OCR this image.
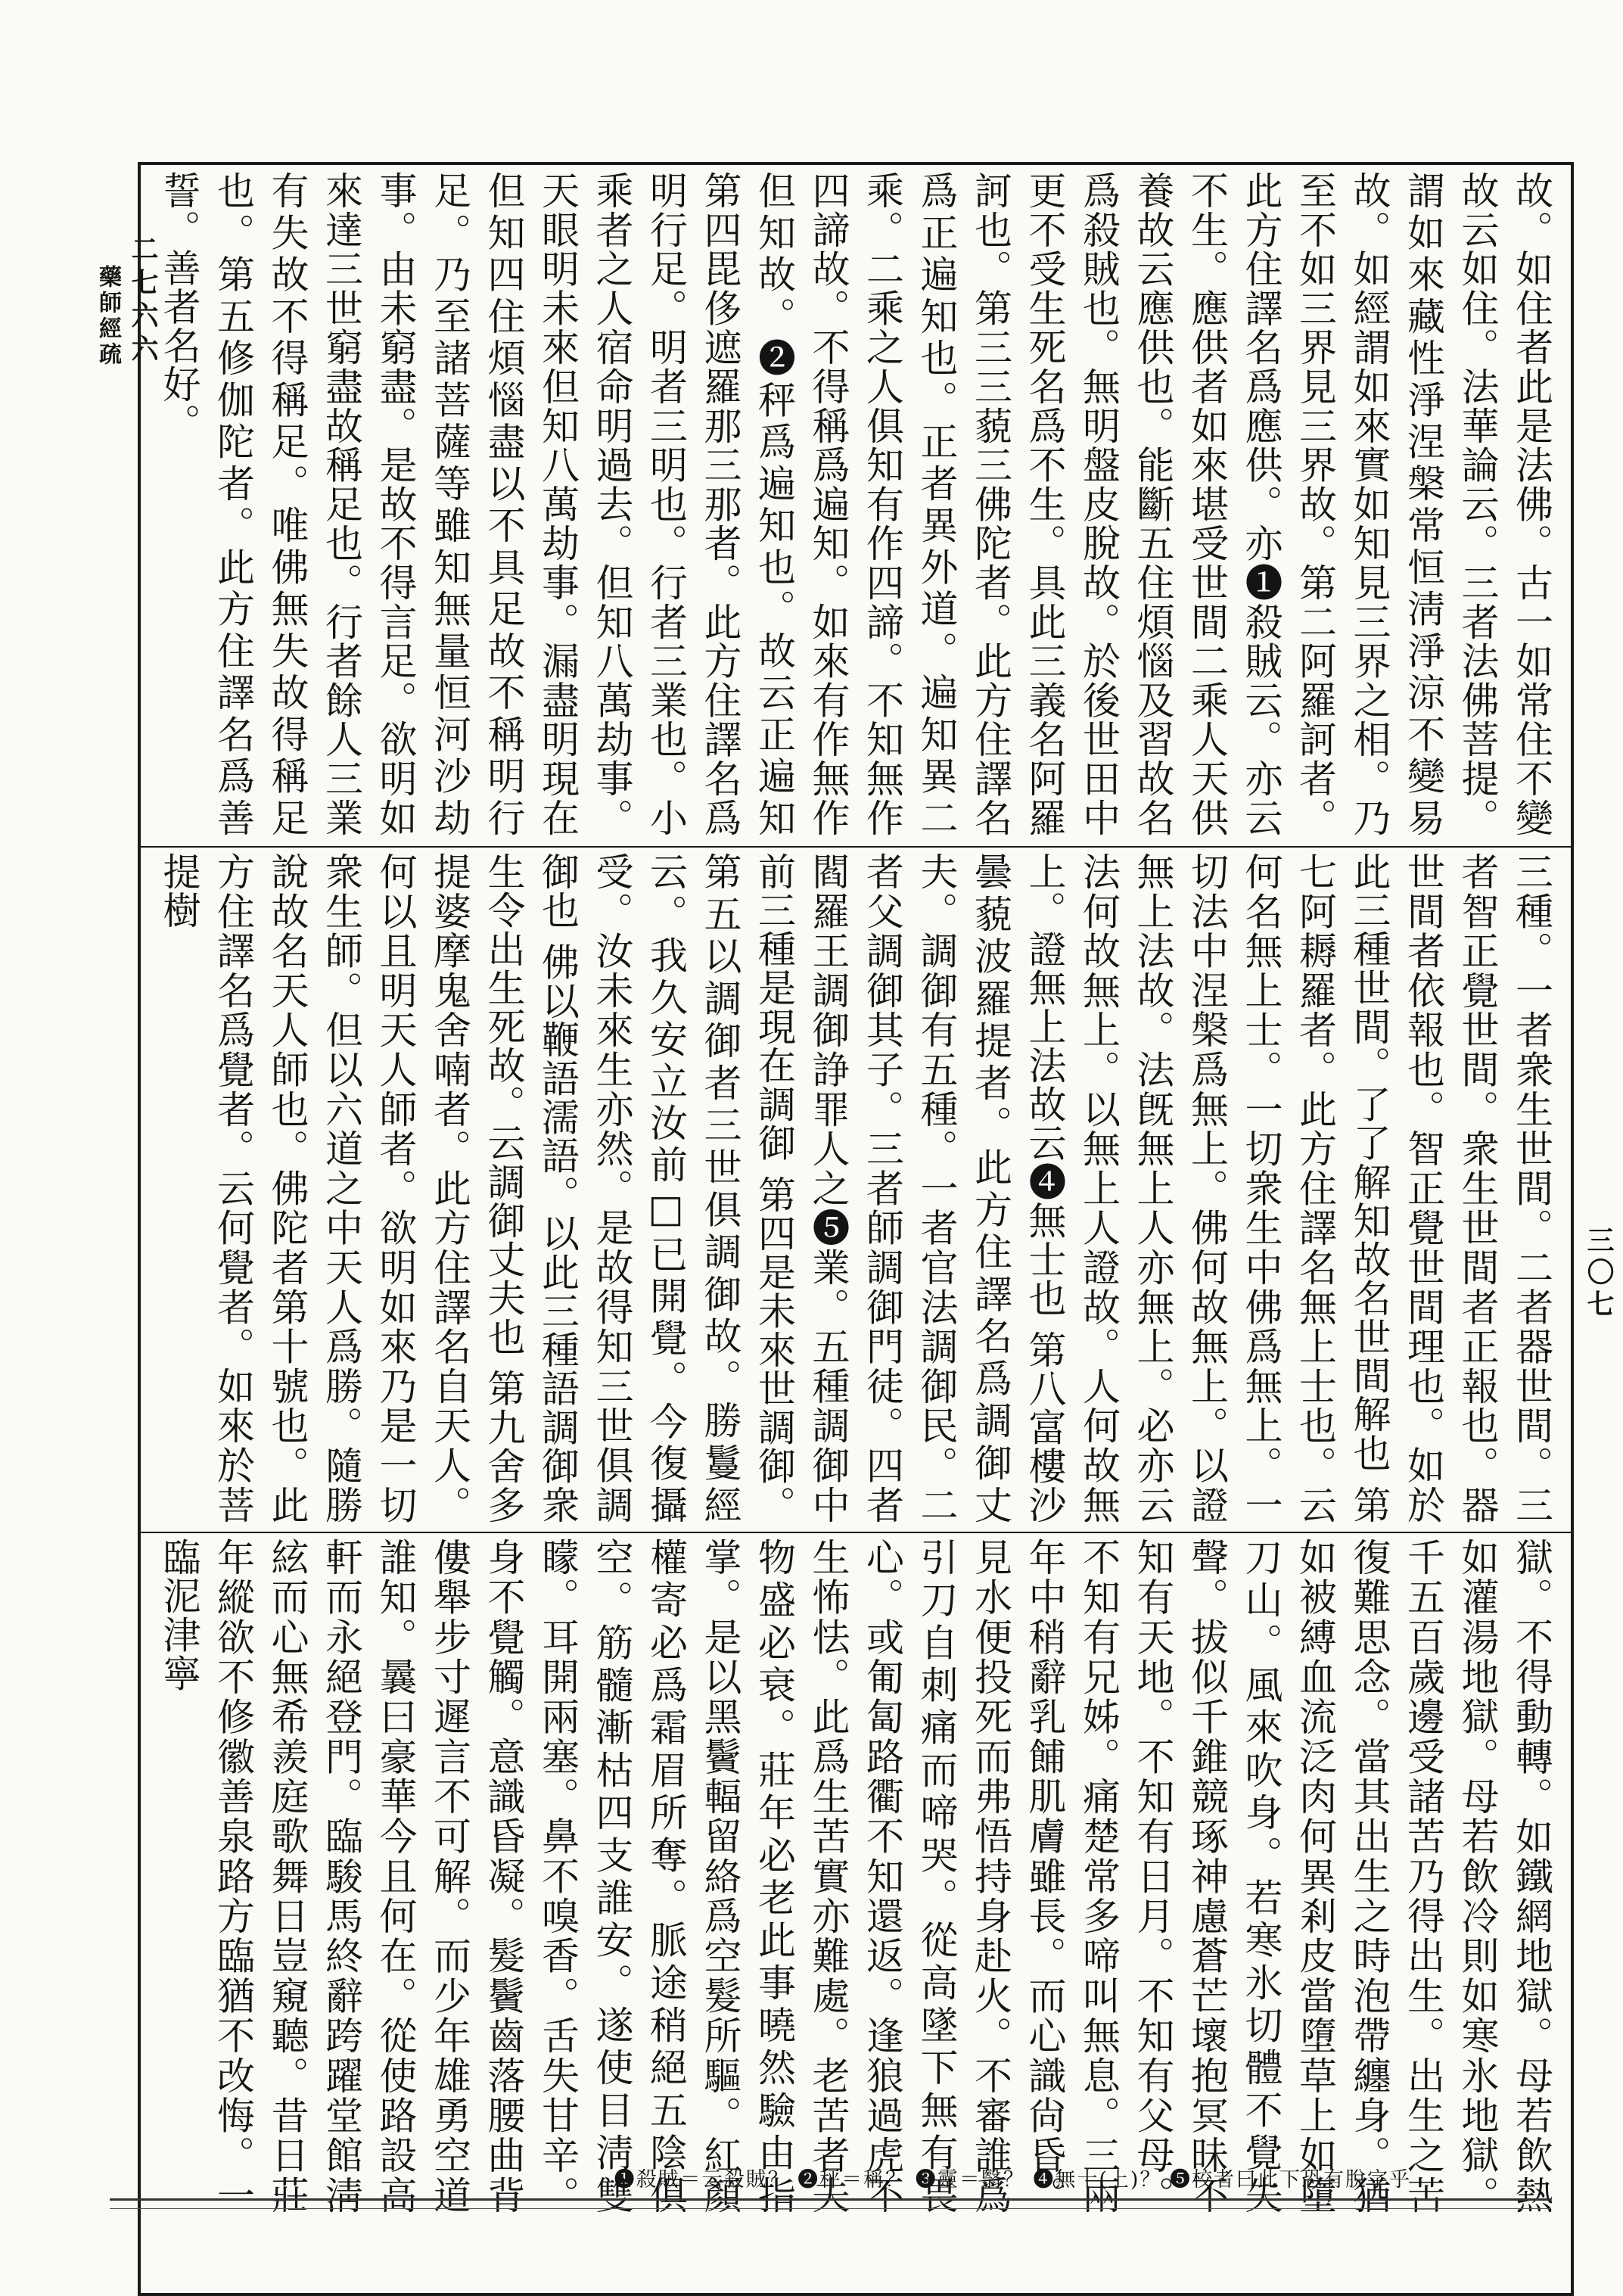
二七六六
藥師經疏
故。如住者此是法佛。古一如常住不變故云如住。法華論云。三者法佛菩提。謂如來藏性淨涅槃常恒淸淨涼不變易故。如經謂如來實如知見三界之相。乃至不如三界見三界故。第二阿羅訶者。此方住譯名爲應供。亦❶殺賊云。亦云不生。應供者如來堪受世間二乘人天供養故云應供也。能斷五住煩惱及習故名爲殺賊也。無明盤皮脫故。於後世田中更不受生死名爲不生。具此三義名阿羅訶也。第三三藐三佛陀者。此方住譯名爲正遍知也。正者異外道。遍知異二乘。二乘之人俱知有作四諦。不知無作四諦故。不得稱爲遍知。如來有作無作但知故。❷秤爲遍知也。故云正遍知 第四毘侈遮羅那三那者。此方住譯名爲明行足。明者三明也。行者三業也。小乘者之人宿命明過去。但知八萬劫事。天眼明未來但知八萬劫事。漏盡明現在但知四住煩惱盡以不具足故不稱明行足。乃至諸菩薩等雖知無量恒河沙劫事。由未窮盡。是故不得言足。欲明如來達三世窮盡故稱足也。行者餘人三業有失故不得稱足。唯佛無失故得稱足也。第五修伽陀者。此方住譯名爲善誓。善者名好。
三種。一者衆生世間。二者器世間。三者智正覺世間。衆生世間者正報也。器世間者依報也。智正覺世間理也。如於此三種世間。了了解知故名世間解也 第七阿耨羅者。此方住譯名無上士也。云何名無上士。一切衆生中佛爲無上。一切法中涅槃爲無上。佛何故無上。以證無上法故。法旣無上人亦無上。必亦云法何故無上。以無上人證故。人何故無上。證無上法故云❹無士也 第八富樓沙曇藐波羅提者。此方住譯名爲調御丈夫。調御有五種。一者官法調御民。二者父調御其子。三者師調御門徒。四者閻羅王調御諍罪人之❺業。五種調御中前三種是現在調御 第四是未來世調御。第五以調御者三世俱調御故。勝鬘經云。我久安立汝前□已開覺。今復攝受。汝未來生亦然。是故得知三世俱調御也 佛以鞭語濡語。以此三種語調御衆生令出生死故。云調御丈夫也 第九舍多提婆摩鬼舍喃者。此方住譯名自天人。何以且明天人師者。欲明如來乃是一切衆生師。但以六道之中天人爲勝。隨勝說故名天人師也。佛陀者第十號也。此方住譯名爲覺者。云何覺者。如來於菩提樹
獄。不得動轉。如鐵網地獄。母若飲熱如灌湯地獄。母若飲冷則如寒氷地獄。千五百歲邊受諸苦乃得出生。出生之苦復難思念。當其出生之時泡帶纏身。猶如被縛血流泛肉何異剎皮當墮草上如墮刀山。風來吹身。若寒氷切體不覺失聲。拔似千錐競琢神慮蒼芒壞抱冥昧不知有天地。不知有日月。不知有父母。不知有兄姊。痛楚常多啼叫無息。三兩年中稍辭乳餔肌膚雖長。而心識尙昏。見水便投死而弗悟持身赴火。不審誰爲引刀自刺痛而啼哭。從高墜下無有畏心。或匍匐路衢不知還返。逢狼過虎不生怖怯。此爲生苦實亦難處。老苦者夫物盛必衰。莊年必老此事曉然驗由指掌。是以黑鬢輻留絡爲空髮所驅。紅顏權寄必爲霜眉所奪。脈途稍絕五陰俱空。筋髓漸枯四支誰安。遂使目淸雙矇。耳開兩塞。鼻不嗅香。舌失甘辛。身不覺觸。意識昏凝。髮鬢齒落腰曲背僂舉步寸遲言不可解。而少年雄勇空道誰知。曩曰豪華今且何在。從使路設高軒而永絕登門。臨駿馬終辭跨躍堂館淸絃而心無希羨庭歌舞日豈窺聽。昔日莊年縱欲不修徽善泉路方臨猶不改悔。一臨泥津寧
三〇七
❶殺賊＝云殺賊？ ❷秤＝稱？ ❸靈＝翳？ ❹無十(上)？ ❺校者曰此下恐有脫字乎
